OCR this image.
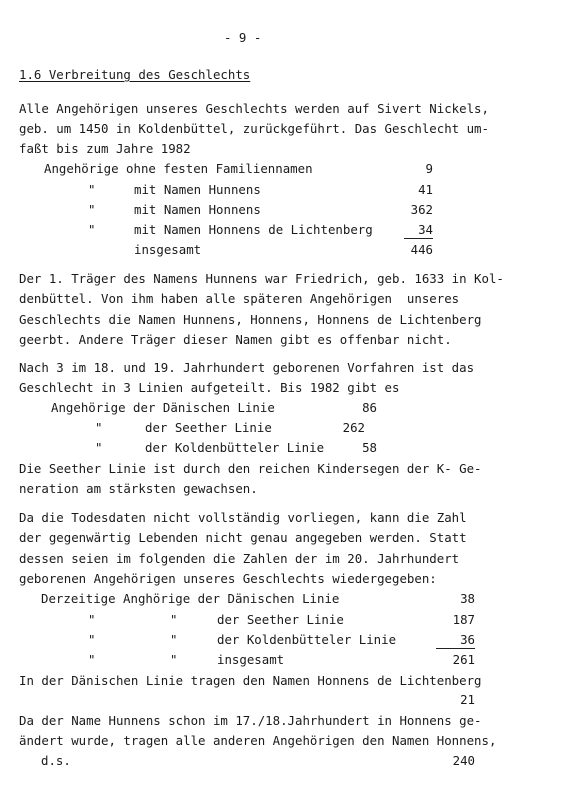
- 9 -
1.6 Verbreitung des Geschlechts
Alle Angehörigen unseres Geschlechts werden auf Sivert Nickels,
geb. um 1450 in Koldenbüttel, zurückgeführt. Das Geschlecht um-
faßt bis zum Jahre 1982
Angehörige ohne festen Familiennamen	9
"	mit Namen Hunnens	41
"	mit Namen Honnens	362
"	mit Namen Honnens de Lichtenberg	34
insgesamt	446
Der 1. Träger des Namens Hunnens war Friedrich, geb. 1633 in Kol-
denbüttel. Von ihm haben alle späteren Angehörigen  unseres
Geschlechts die Namen Hunnens, Honnens, Honnens de Lichtenberg
geerbt. Andere Träger dieser Namen gibt es offenbar nicht.
Nach 3 im 18. und 19. Jahrhundert geborenen Vorfahren ist das
Geschlecht in 3 Linien aufgeteilt. Bis 1982 gibt es
Angehörige der Dänischen Linie	86
"	der Seether Linie	262
"	der Koldenbütteler Linie	58
Die Seether Linie ist durch den reichen Kindersegen der K- Ge-
neration am stärksten gewachsen.
Da die Todesdaten nicht vollständig vorliegen, kann die Zahl
der gegenwärtig Lebenden nicht genau angegeben werden. Statt
dessen seien im folgenden die Zahlen der im 20. Jahrhundert
geborenen Angehörigen unseres Geschlechts wiedergegeben:
Derzeitige Anghörige der Dänischen Linie	38
"	"	der Seether Linie	187
"	"	der Koldenbütteler Linie	36
"	"	insgesamt	261
In der Dänischen Linie tragen den Namen Honnens de Lichtenberg
21
Da der Name Hunnens schon im 17./18.Jahrhundert in Honnens ge-
ändert wurde, tragen alle anderen Angehörigen den Namen Honnens,
d.s.	240
